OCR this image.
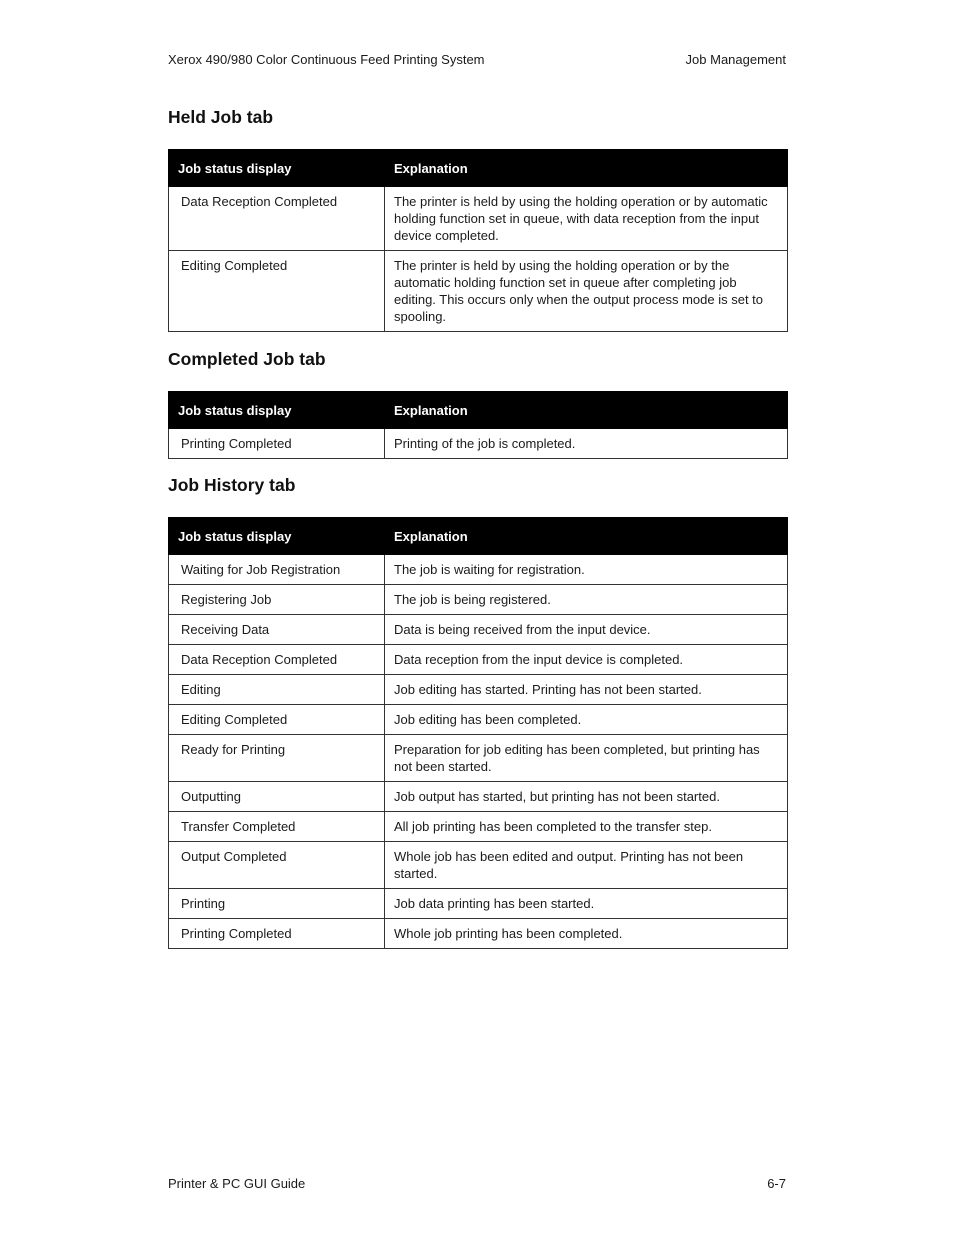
Xerox 490/980 Color Continuous Feed Printing System	Job Management
Held Job tab
Job status display	Explanation
Data Reception Completed	The printer is held by using the holding operation or by automatic holding function set in queue, with data reception from the input device completed.
Editing Completed	The printer is held by using the holding operation or by the automatic holding function set in queue after completing job editing. This occurs only when the output process mode is set to spooling.
Completed Job tab
Job status display	Explanation
Printing Completed	Printing of the job is completed.
Job History tab
Job status display	Explanation
Waiting for Job Registration	The job is waiting for registration.
Registering Job	The job is being registered.
Receiving Data	Data is being received from the input device.
Data Reception Completed	Data reception from the input device is completed.
Editing	Job editing has started. Printing has not been started.
Editing Completed	Job editing has been completed.
Ready for Printing	Preparation for job editing has been completed, but printing has not been started.
Outputting	Job output has started, but printing has not been started.
Transfer Completed	All job printing has been completed to the transfer step.
Output Completed	Whole job has been edited and output. Printing has not been started.
Printing	Job data printing has been started.
Printing Completed	Whole job printing has been completed.
Printer & PC GUI Guide	6-7
